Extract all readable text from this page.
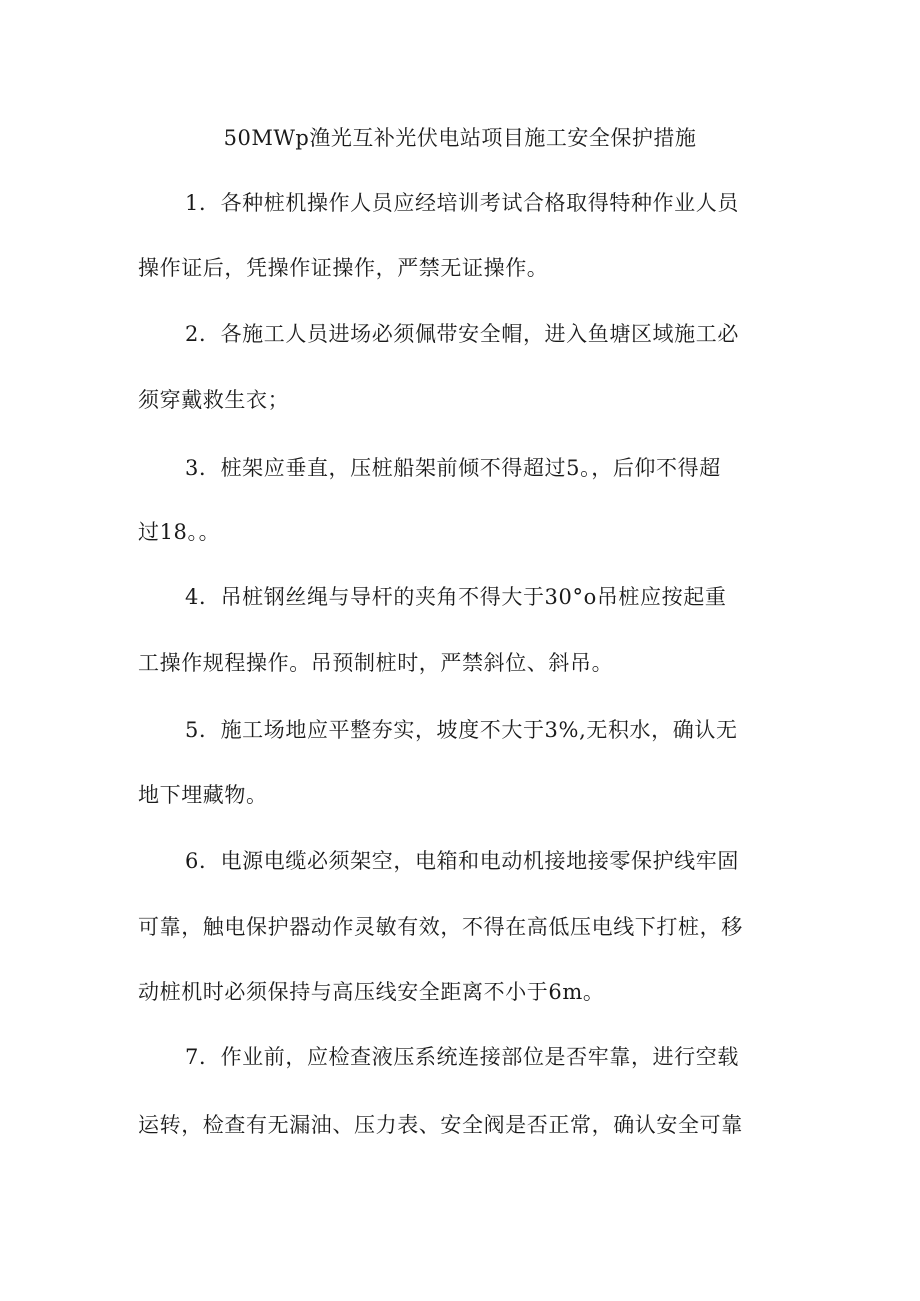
50MWp渔光互补光伏电站项目施工安全保护措施
1．各种桩机操作人员应经培训考试合格取得特种作业人员
操作证后，凭操作证操作，严禁无证操作。
2．各施工人员进场必须佩带安全帽，进入鱼塘区域施工必
须穿戴救生衣；
3．桩架应垂直，压桩船架前倾不得超过5。，后仰不得超
过18。。
4．吊桩钢丝绳与导杆的夹角不得大于30°o吊桩应按起重
工操作规程操作。吊预制桩时，严禁斜位、斜吊。
5．施工场地应平整夯实，坡度不大于3%,无积水，确认无
地下埋藏物。
6．电源电缆必须架空，电箱和电动机接地接零保护线牢固
可靠，触电保护器动作灵敏有效，不得在高低压电线下打桩，移
动桩机时必须保持与高压线安全距离不小于6m。
7．作业前，应检查液压系统连接部位是否牢靠，进行空载
运转，检查有无漏油、压力表、安全阀是否正常，确认安全可靠
